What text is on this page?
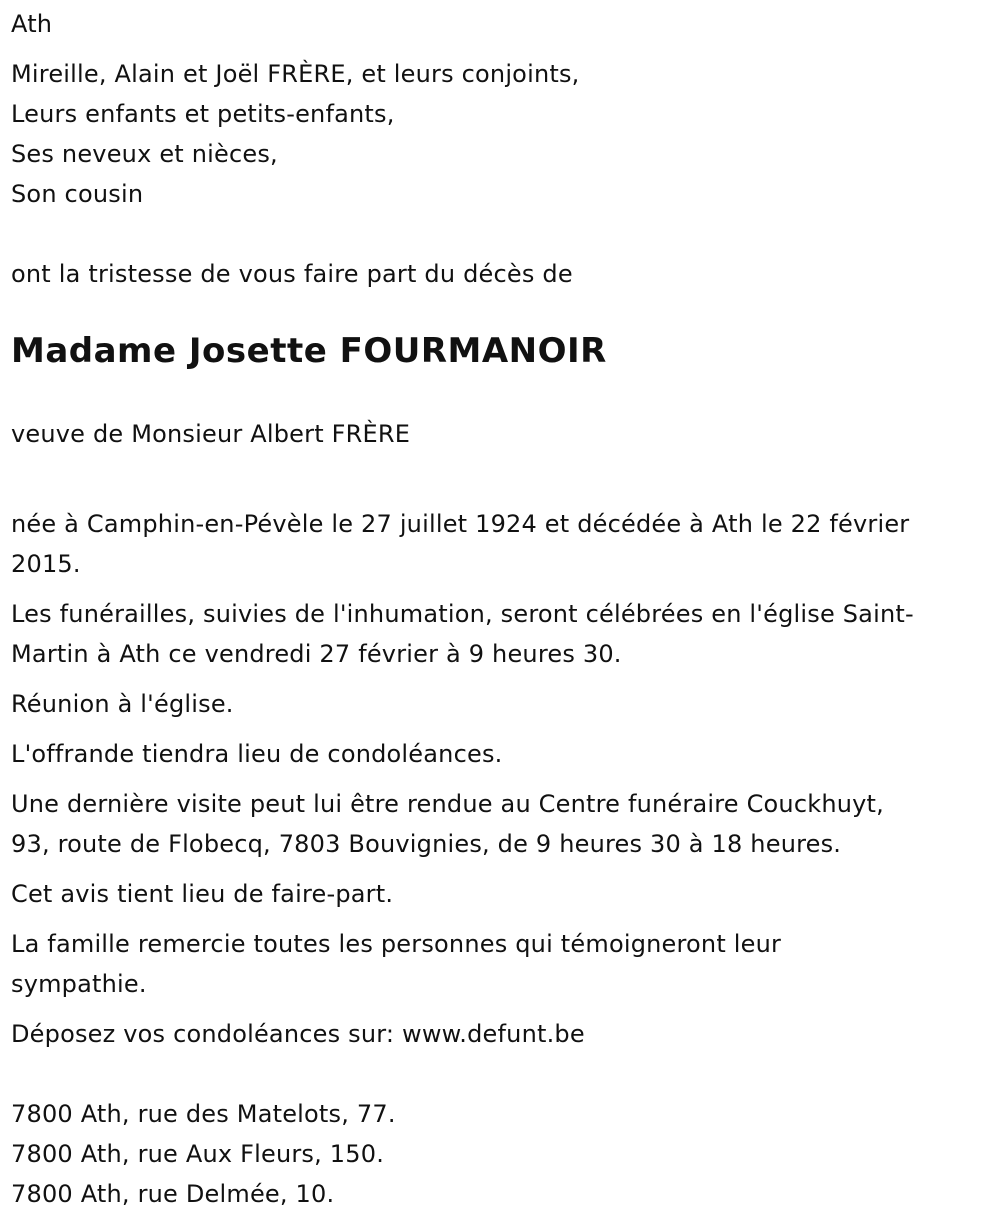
Ath
Mireille, Alain et Joël FRÈRE, et leurs conjoints,
Leurs enfants et petits-enfants,
Ses neveux et nièces,
Son cousin
ont la tristesse de vous faire part du décès de
Madame Josette FOURMANOIR
veuve de Monsieur Albert FRÈRE
née à Camphin-en-Pévèle le 27 juillet 1924 et décédée à Ath le 22 février
2015.
Les funérailles, suivies de l'inhumation, seront célébrées en l'église Saint-
Martin à Ath ce vendredi 27 février à 9 heures 30.
Réunion à l'église.
L'offrande tiendra lieu de condoléances.
Une dernière visite peut lui être rendue au Centre funéraire Couckhuyt,
93, route de Flobecq, 7803 Bouvignies, de 9 heures 30 à 18 heures.
Cet avis tient lieu de faire-part.
La famille remercie toutes les personnes qui témoigneront leur
sympathie.
Déposez vos condoléances sur: www.defunt.be
7800 Ath, rue des Matelots, 77.
7800 Ath, rue Aux Fleurs, 150.
7800 Ath, rue Delmée, 10.
